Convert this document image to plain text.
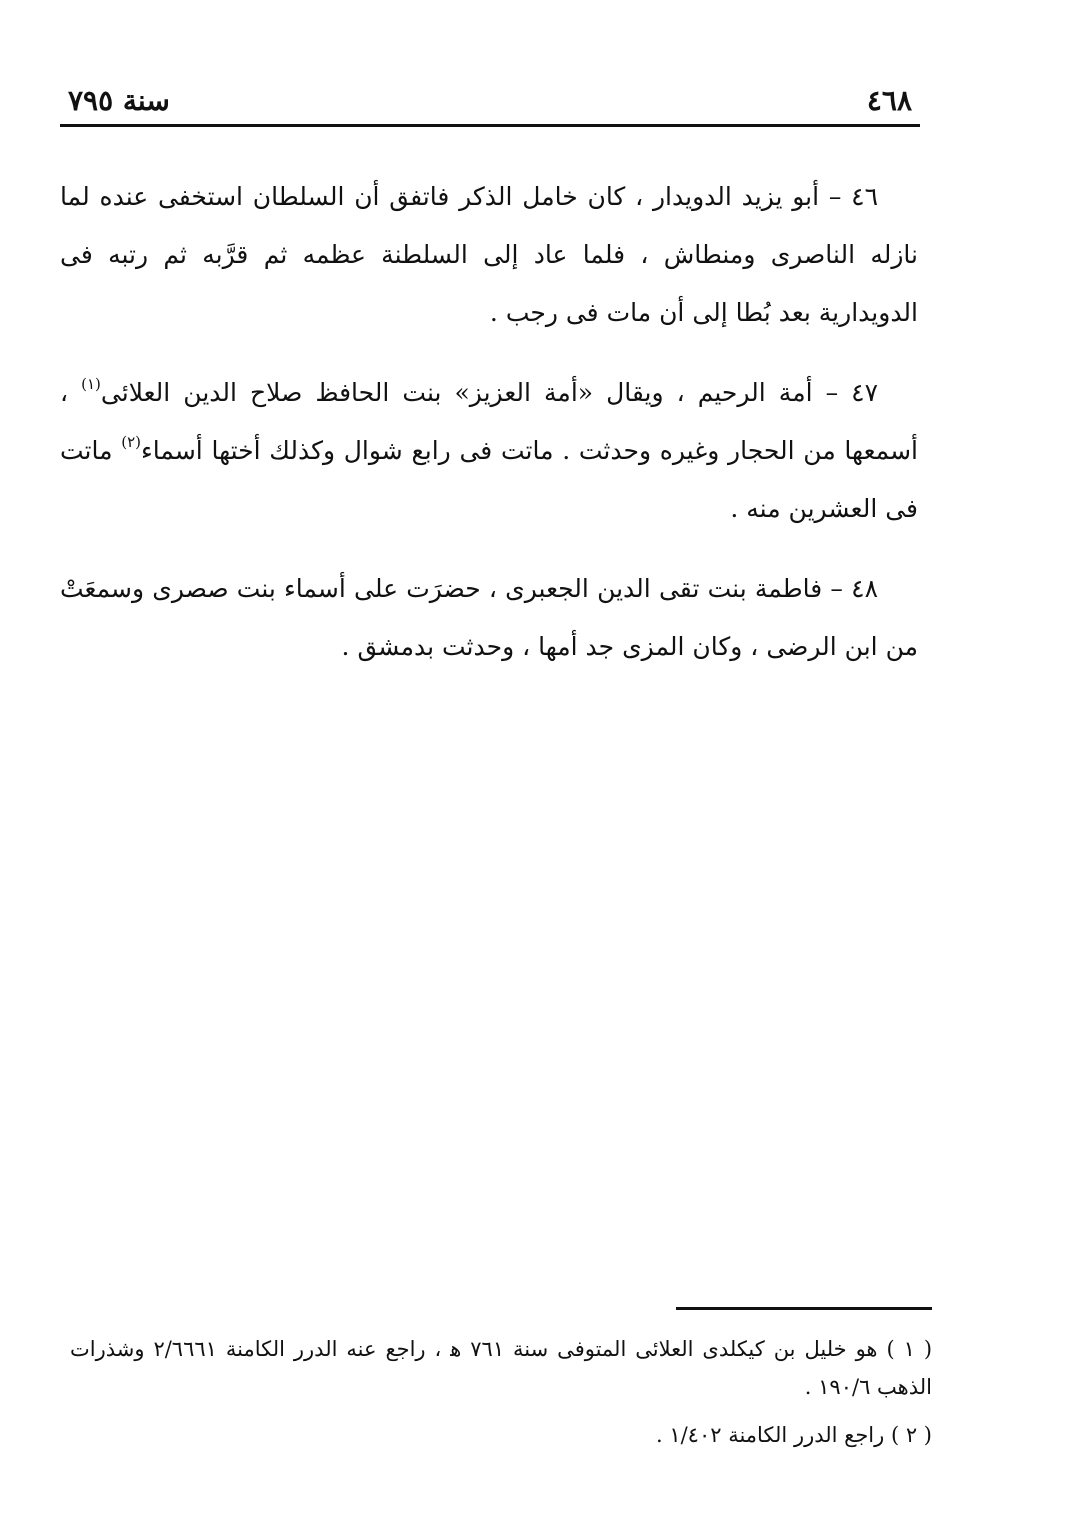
٤٦٨
سنة ٧٩٥

٤٦ – أبو يزيد الدويدار ، كان خامل الذكر فاتفق أن السلطان استخفى عنده لما نازله الناصرى ومنطاش ، فلما عاد إلى السلطنة عظمه ثم قرَّبه ثم رتبه فى الدويدارية بعد بُطا إلى أن مات فى رجب .

٤٧ – أمة الرحيم ، ويقال «أمة العزيز» بنت الحافظ صلاح الدين العلائى$^{(١)}$ ، أسمعها من الحجار وغيره وحدثت . ماتت فى رابع شوال وكذلك أختها أسماء$^{(٢)}$ ماتت فى العشرين منه .

٤٨ – فاطمة بنت تقى الدين الجعبرى ، حضرَت على أسماء بنت صصرى وسمعَتْ من ابن الرضى ، وكان المزى جد أمها ، وحدثت بدمشق .

( ١ ) هو خليل بن كيكلدى العلائى المتوفى سنة ٧٦١ ﻫ ، راجع عنه الدرر الكامنة ٢/٦٦٦١ وشذرات الذهب ١٩٠/٦ .

( ٢ ) راجع الدرر الكامنة ١/٤٠٢ .
